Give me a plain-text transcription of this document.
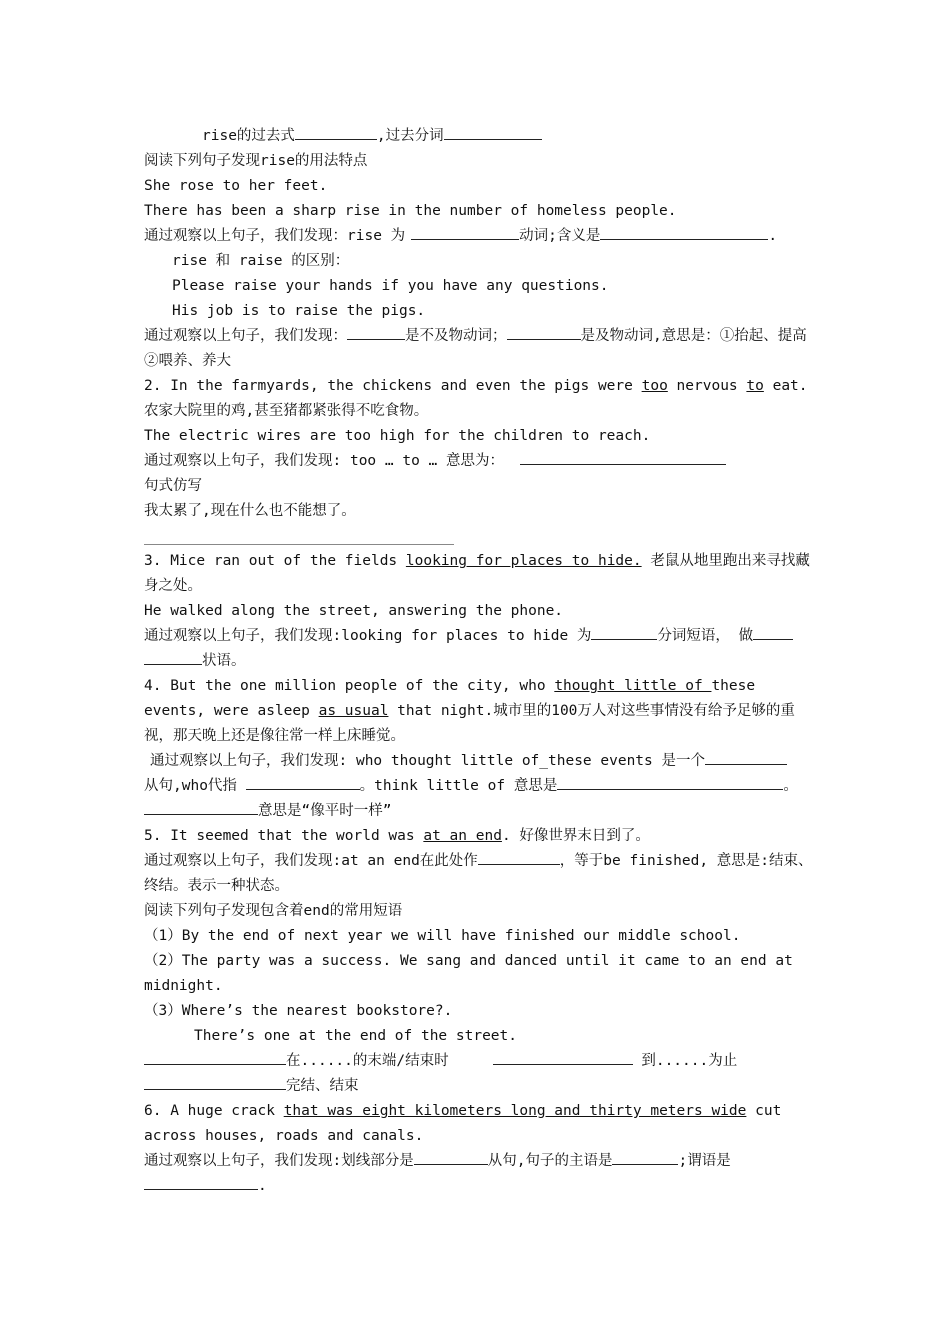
rise的过去式	,过去分词
阅读下列句子发现rise的用法特点
She rose to her feet.
There has been a sharp rise in the number of homeless people.
通过观察以上句子，我们发现：rise 为	动词;含义是	.
rise 和 raise 的区别：
Please raise your hands if you have any questions.
His job is to raise the pigs.
通过观察以上句子，我们发现：	是不及物动词；	是及物动词,意思是：①抬起、提高 ②喂养、养大
2. In the farmyards, the chickens and even the pigs were too nervous to eat. 农家大院里的鸡,甚至猪都紧张得不吃食物。
The electric wires are too high for the children to reach.
通过观察以上句子，我们发现: too … to … 意思为：
句式仿写
我太累了,现在什么也不能想了。
3. Mice ran out of the fields looking for places to hide. 老鼠从地里跑出来寻找藏身之处。
He walked along the street, answering the phone.
通过观察以上句子，我们发现:looking for places to hide 为	分词短语， 做
状语。
4. But the one million people of the city, who thought little of these events, were asleep as usual that night.城市里的100万人对这些事情没有给予足够的重视，那天晚上还是像往常一样上床睡觉。
通过观察以上句子，我们发现: who thought little of_these events 是一个
从句,who代指	。think little of 意思是	。
意思是“像平时一样”
5. It seemed that the world was at an end. 好像世界末日到了。
通过观察以上句子，我们发现:at an end在此处作	，等于be finished, 意思是:结束、终结。表示一种状态。
阅读下列句子发现包含着end的常用短语
（1）By the end of next year we will have finished our middle school.
（2）The party was a success. We sang and danced until it came to an end at midnight.
（3）Where’s the nearest bookstore?.
There’s one at the end of the street.
在......的末端/结束时	到......为止
完结、结束
6. A huge crack that was eight kilometers long and thirty meters wide cut across houses, roads and canals.
通过观察以上句子，我们发现:划线部分是	从句,句子的主语是	;谓语是
.
